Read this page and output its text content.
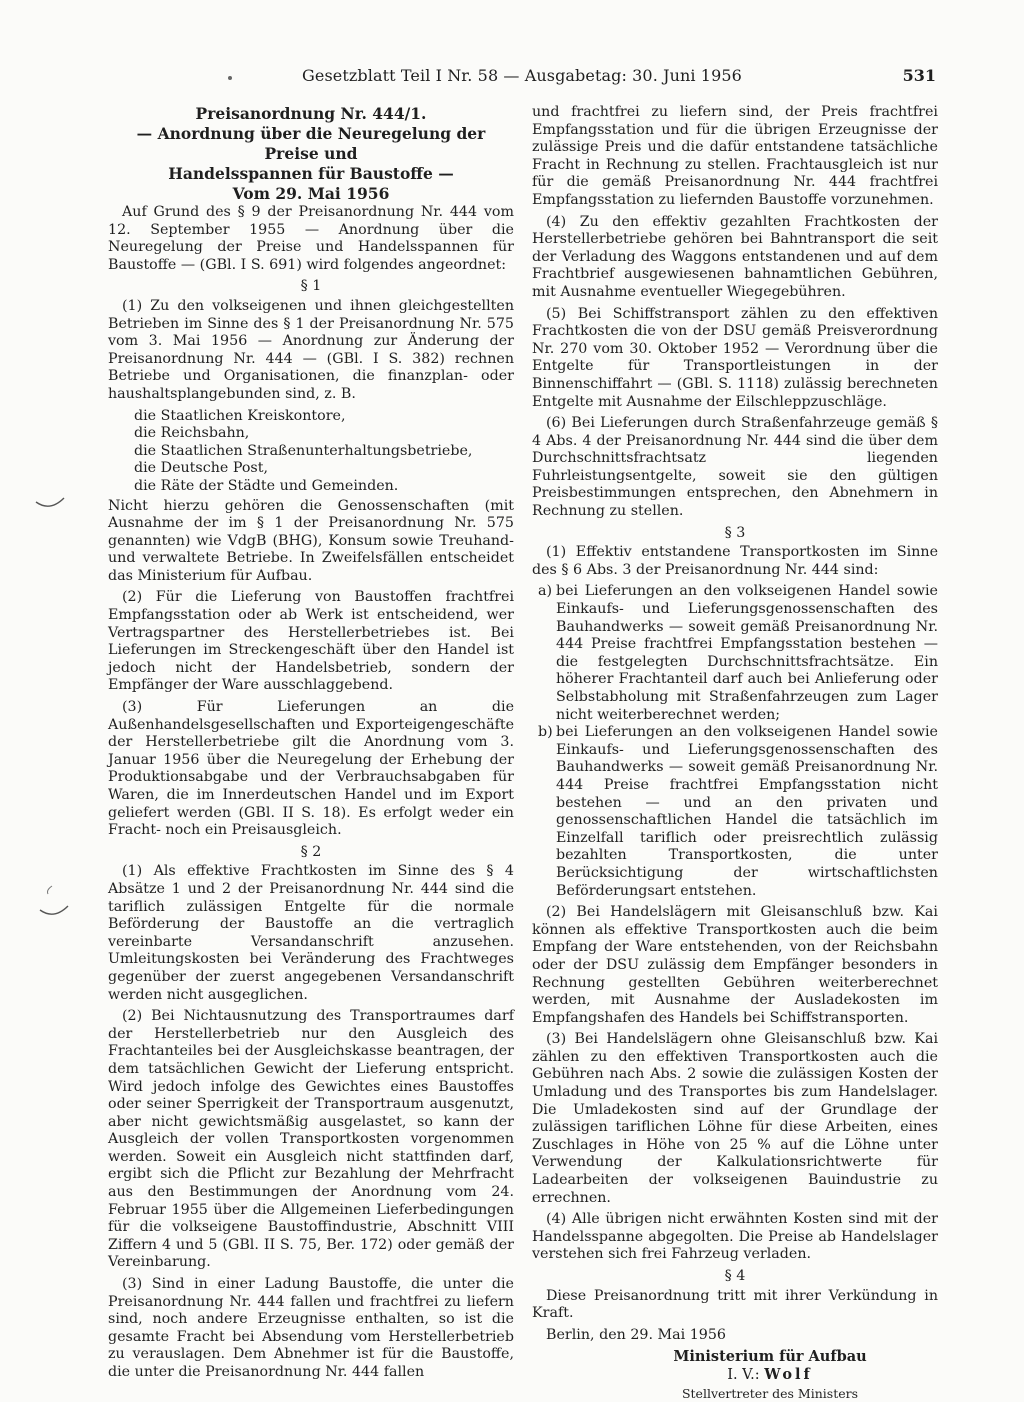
Gesetzblatt Teil I Nr. 58 — Ausgabetag: 30. Juni 1956	531
Preisanordnung Nr. 444/1.
— Anordnung über die Neuregelung der Preise und
Handelsspannen für Baustoffe —
Vom 29. Mai 1956

Auf Grund des § 9 der Preisanordnung Nr. 444 vom 12. September 1955 — Anordnung über die Neuregelung der Preise und Handelsspannen für Baustoffe — (GBl. I S. 691) wird folgendes angeordnet:

§ 1

(1) Zu den volkseigenen und ihnen gleichgestellten Betrieben im Sinne des § 1 der Preisanordnung Nr. 575 vom 3. Mai 1956 — Anordnung zur Änderung der Preisanordnung Nr. 444 — (GBl. I S. 382) rechnen Betriebe und Organisationen, die finanzplan- oder haushaltsplangebunden sind, z. B.

die Staatlichen Kreiskontore,
die Reichsbahn,
die Staatlichen Straßenunterhaltungsbetriebe,
die Deutsche Post,
die Räte der Städte und Gemeinden.

Nicht hierzu gehören die Genossenschaften (mit Ausnahme der im § 1 der Preisanordnung Nr. 575 genannten) wie VdgB (BHG), Konsum sowie Treuhand- und verwaltete Betriebe. In Zweifelsfällen entscheidet das Ministerium für Aufbau.

(2) Für die Lieferung von Baustoffen frachtfrei Empfangsstation oder ab Werk ist entscheidend, wer Vertragspartner des Herstellerbetriebes ist. Bei Lieferungen im Streckengeschäft über den Handel ist jedoch nicht der Handelsbetrieb, sondern der Empfänger der Ware ausschlaggebend.

(3) Für Lieferungen an die Außenhandelsgesellschaften und Exporteigengeschäfte der Herstellerbetriebe gilt die Anordnung vom 3. Januar 1956 über die Neuregelung der Erhebung der Produktionsabgabe und der Verbrauchsabgaben für Waren, die im Innerdeutschen Handel und im Export geliefert werden (GBl. II S. 18). Es erfolgt weder ein Fracht- noch ein Preisausgleich.

§ 2

(1) Als effektive Frachtkosten im Sinne des § 4 Absätze 1 und 2 der Preisanordnung Nr. 444 sind die tariflich zulässigen Entgelte für die normale Beförderung der Baustoffe an die vertraglich vereinbarte Versandanschrift anzusehen. Umleitungskosten bei Veränderung des Frachtweges gegenüber der zuerst angegebenen Versandanschrift werden nicht ausgeglichen.

(2) Bei Nichtausnutzung des Transportraumes darf der Herstellerbetrieb nur den Ausgleich des Frachtanteiles bei der Ausgleichskasse beantragen, der dem tatsächlichen Gewicht der Lieferung entspricht. Wird jedoch infolge des Gewichtes eines Baustoffes oder seiner Sperrigkeit der Transportraum ausgenutzt, aber nicht gewichtsmäßig ausgelastet, so kann der Ausgleich der vollen Transportkosten vorgenommen werden. Soweit ein Ausgleich nicht stattfinden darf, ergibt sich die Pflicht zur Bezahlung der Mehrfracht aus den Bestimmungen der Anordnung vom 24. Februar 1955 über die Allgemeinen Lieferbedingungen für die volkseigene Baustoffindustrie, Abschnitt VIII Ziffern 4 und 5 (GBl. II S. 75, Ber. 172) oder gemäß der Vereinbarung.

(3) Sind in einer Ladung Baustoffe, die unter die Preisanordnung Nr. 444 fallen und frachtfrei zu liefern sind, noch andere Erzeugnisse enthalten, so ist die gesamte Fracht bei Absendung vom Herstellerbetrieb zu verauslagen. Dem Abnehmer ist für die Baustoffe, die unter die Preisanordnung Nr. 444 fallen

und frachtfrei zu liefern sind, der Preis frachtfrei Empfangsstation und für die übrigen Erzeugnisse der zulässige Preis und die dafür entstandene tatsächliche Fracht in Rechnung zu stellen. Frachtausgleich ist nur für die gemäß Preisanordnung Nr. 444 frachtfrei Empfangsstation zu liefernden Baustoffe vorzunehmen.

(4) Zu den effektiv gezahlten Frachtkosten der Herstellerbetriebe gehören bei Bahntransport die seit der Verladung des Waggons entstandenen und auf dem Frachtbrief ausgewiesenen bahnamtlichen Gebühren, mit Ausnahme eventueller Wiegegebühren.

(5) Bei Schiffstransport zählen zu den effektiven Frachtkosten die von der DSU gemäß Preisverordnung Nr. 270 vom 30. Oktober 1952 — Verordnung über die Entgelte für Transportleistungen in der Binnenschiffahrt — (GBl. S. 1118) zulässig berechneten Entgelte mit Ausnahme der Eilschleppzuschläge.

(6) Bei Lieferungen durch Straßenfahrzeuge gemäß § 4 Abs. 4 der Preisanordnung Nr. 444 sind die über dem Durchschnittsfrachtsatz liegenden Fuhrleistungsentgelte, soweit sie den gültigen Preisbestimmungen entsprechen, den Abnehmern in Rechnung zu stellen.

§ 3

(1) Effektiv entstandene Transportkosten im Sinne des § 6 Abs. 3 der Preisanordnung Nr. 444 sind:

a) bei Lieferungen an den volkseigenen Handel sowie Einkaufs- und Lieferungsgenossenschaften des Bauhandwerks — soweit gemäß Preisanordnung Nr. 444 Preise frachtfrei Empfangsstation bestehen — die festgelegten Durchschnittsfrachtsätze. Ein höherer Frachtanteil darf auch bei Anlieferung oder Selbstabholung mit Straßenfahrzeugen zum Lager nicht weiterberechnet werden;
b) bei Lieferungen an den volkseigenen Handel sowie Einkaufs- und Lieferungsgenossenschaften des Bauhandwerks — soweit gemäß Preisanordnung Nr. 444 Preise frachtfrei Empfangsstation nicht bestehen — und an den privaten und genossenschaftlichen Handel die tatsächlich im Einzelfall tariflich oder preisrechtlich zulässig bezahlten Transportkosten, die unter Berücksichtigung der wirtschaftlichsten Beförderungsart entstehen.

(2) Bei Handelslägern mit Gleisanschluß bzw. Kai können als effektive Transportkosten auch die beim Empfang der Ware entstehenden, von der Reichsbahn oder der DSU zulässig dem Empfänger besonders in Rechnung gestellten Gebühren weiterberechnet werden, mit Ausnahme der Ausladekosten im Empfangshafen des Handels bei Schiffstransporten.

(3) Bei Handelslägern ohne Gleisanschluß bzw. Kai zählen zu den effektiven Transportkosten auch die Gebühren nach Abs. 2 sowie die zulässigen Kosten der Umladung und des Transportes bis zum Handelslager. Die Umladekosten sind auf der Grundlage der zulässigen tariflichen Löhne für diese Arbeiten, eines Zuschlages in Höhe von 25 % auf die Löhne unter Verwendung der Kalkulationsrichtwerte für Ladearbeiten der volkseigenen Bauindustrie zu errechnen.

(4) Alle übrigen nicht erwähnten Kosten sind mit der Handelsspanne abgegolten. Die Preise ab Handelslager verstehen sich frei Fahrzeug verladen.

§ 4

Diese Preisanordnung tritt mit ihrer Verkündung in Kraft.

Berlin, den 29. Mai 1956

Ministerium für Aufbau
I. V.: Wolf
Stellvertreter des Ministers
